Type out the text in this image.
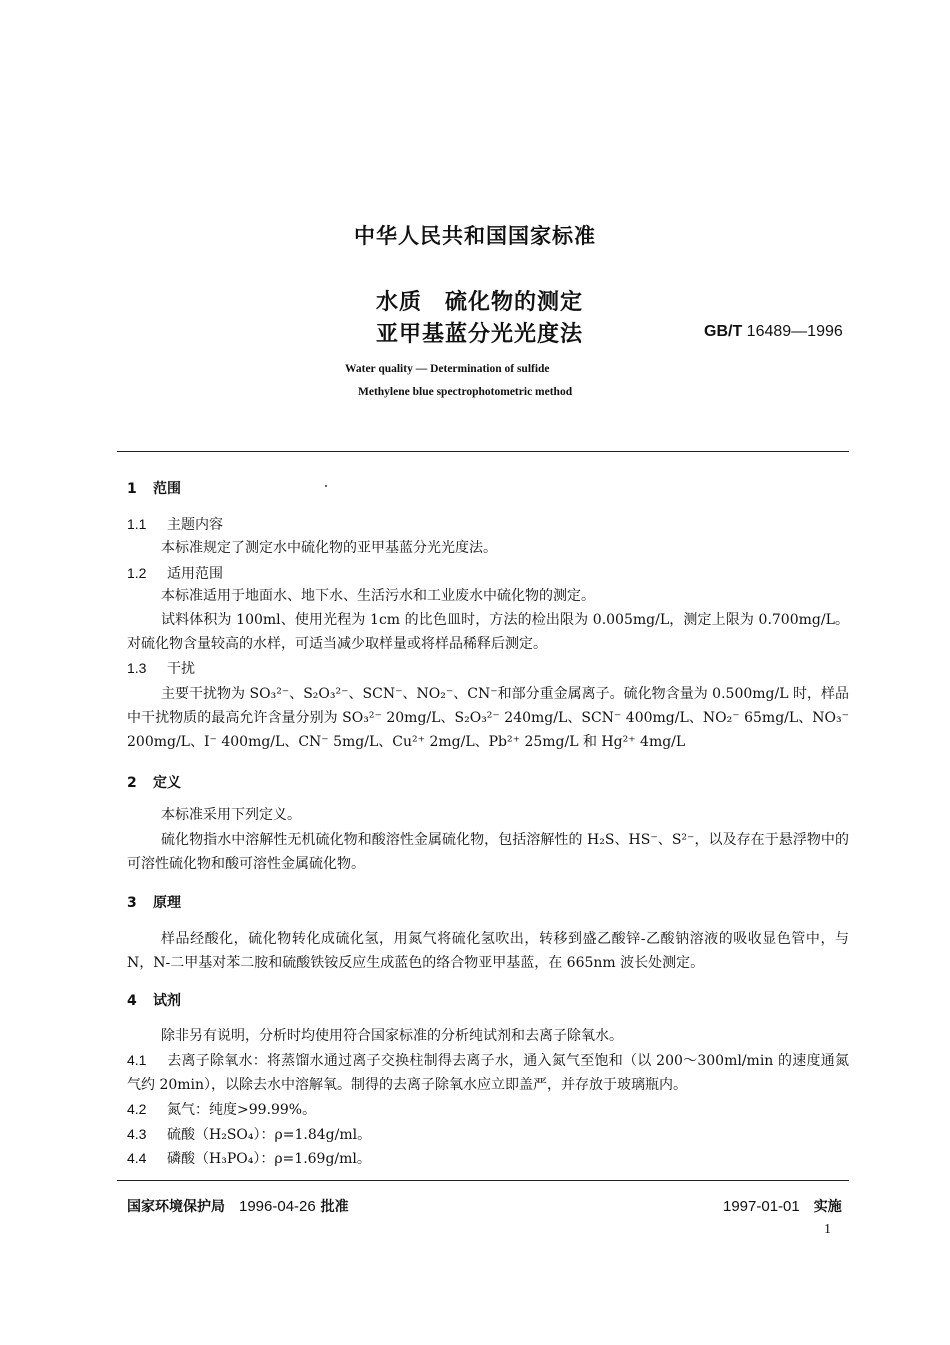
中华人民共和国国家标准
水质　硫化物的测定
亚甲基蓝分光光度法	GB/T 16489—1996
Water quality — Determination of sulfide
Methylene blue spectrophotometric method
1 范围
1.1 主题内容
本标准规定了测定水中硫化物的亚甲基蓝分光光度法。
1.2 适用范围
本标准适用于地面水、地下水、生活污水和工业废水中硫化物的测定。
试料体积为 100ml、使用光程为 1cm 的比色皿时，方法的检出限为 0.005mg/L，测定上限为 0.700mg/L。对硫化物含量较高的水样，可适当减少取样量或将样品稀释后测定。
1.3 干扰
主要干扰物为 SO₃²⁻、S₂O₃²⁻、SCN⁻、NO₂⁻、CN⁻和部分重金属离子。硫化物含量为 0.500mg/L 时，样品中干扰物质的最高允许含量分别为 SO₃²⁻ 20mg/L、S₂O₃²⁻ 240mg/L、SCN⁻ 400mg/L、NO₂⁻ 65mg/L、NO₃⁻ 200mg/L、I⁻ 400mg/L、CN⁻ 5mg/L、Cu²⁺ 2mg/L、Pb²⁺ 25mg/L 和 Hg²⁺ 4mg/L
2 定义
本标准采用下列定义。
硫化物指水中溶解性无机硫化物和酸溶性金属硫化物，包括溶解性的 H₂S、HS⁻、S²⁻，以及存在于悬浮物中的可溶性硫化物和酸可溶性金属硫化物。
3 原理
样品经酸化，硫化物转化成硫化氢，用氮气将硫化氢吹出，转移到盛乙酸锌-乙酸钠溶液的吸收显色管中，与 N，N-二甲基对苯二胺和硫酸铁铵反应生成蓝色的络合物亚甲基蓝，在 665nm 波长处测定。
4 试剂
除非另有说明，分析时均使用符合国家标准的分析纯试剂和去离子除氧水。
4.1 去离子除氧水：将蒸馏水通过离子交换柱制得去离子水，通入氮气至饱和（以 200～300ml/min 的速度通氮气约 20min），以除去水中溶解氧。制得的去离子除氧水应立即盖严，并存放于玻璃瓶内。
4.2 氮气：纯度>99.99%。
4.3 硫酸（H₂SO₄）：ρ=1.84g/ml。
4.4 磷酸（H₃PO₄）：ρ=1.69g/ml。
国家环境保护局 1996-04-26 批准	1997-01-01 实施
1
